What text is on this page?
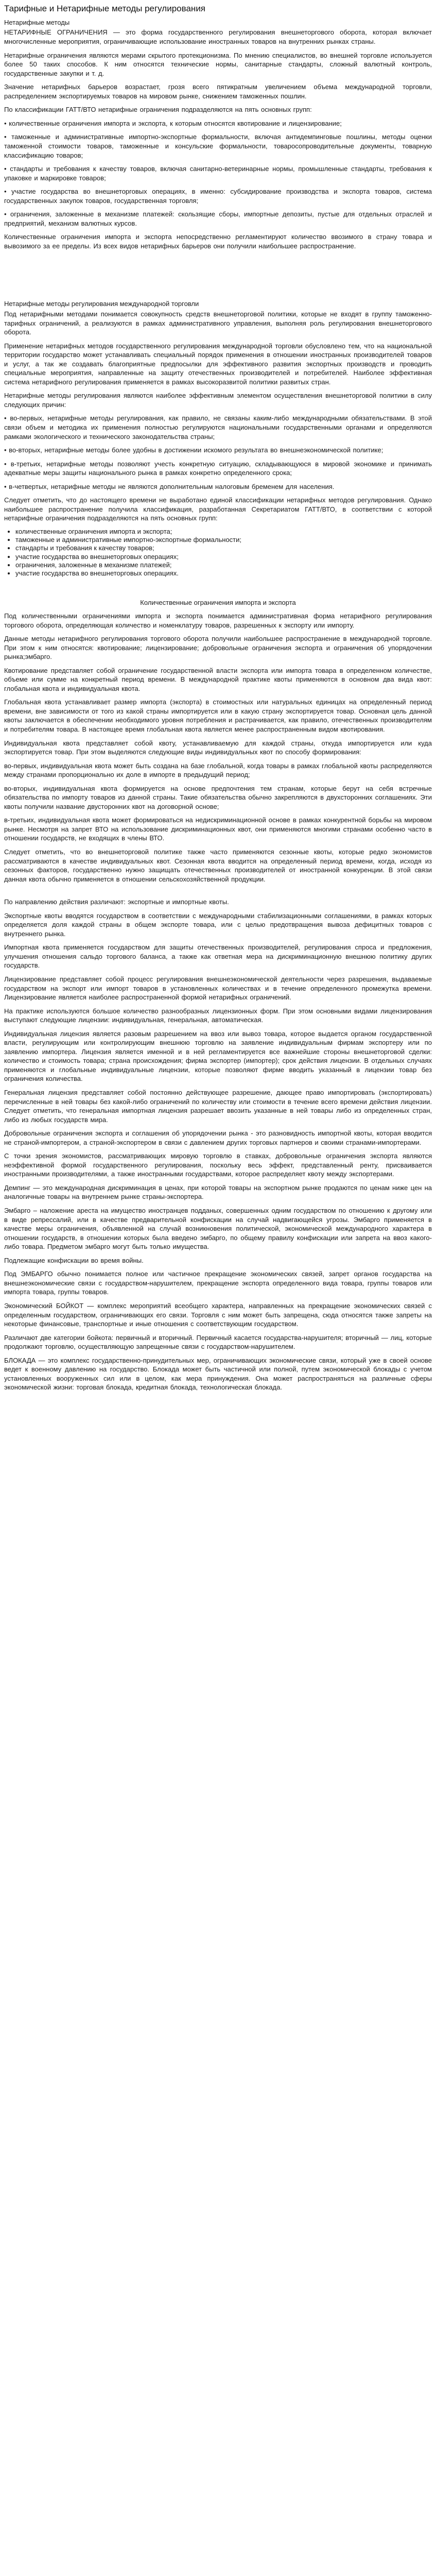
Тарифные и Нетарифные методы регулирования
Нетарифные методы

НЕТАРИФНЫЕ ОГРАНИЧЕНИЯ — это форма государственного регулирования внешнеторгового оборота, которая включает многочисленные мероприятия, ограничивающие использование иностранных товаров на внутренних рынках страны.

Нетарифные ограничения являются мерами скрытого протекционизма. По мнению специалистов, во внешней торговле используется более 50 таких способов. К ним относятся технические нормы, санитарные стандарты, сложный валютный контроль, государственные закупки и т. д.

Значение нетарифных барьеров возрастает, грозя всего пятикратным увеличением объема международной торговли, распределением экспортируемых товаров на мировом рынке, снижением таможенных пошлин.

По классификации ГАТТ/ВТО нетарифные ограничения подразделяются на пять основных групп:

• количественные ограничения импорта и экспорта, к которым относятся квотирование и лицензирование;

• таможенные и административные импортно-экспортные формальности, включая антидемпинговые пошлины, методы оценки таможенной стоимости товаров, таможенные и консульские формальности, товаросопроводительные документы, товарную классификацию товаров;

• стандарты и требования к качеству товаров, включая санитарно-ветеринарные нормы, промышленные стандарты, требования к упаковке и маркировке товаров;

• участие государства во внешнеторговых операциях, в именно: субсидирование производства и экспорта товаров, система государственных закупок товаров, государственная торговля;

• ограничения, заложенные в механизме платежей: скользящие сборы, импортные депозиты, пустые для отдельных отраслей и предприятий, механизм валютных курсов.

Количественные ограничения импорта и экспорта непосредственно регламентируют количество ввозимого в страну товара и вывозимого за ее пределы. Из всех видов нетарифных барьеров они получили наибольшее распространение.

Нетарифные методы регулирования международной торговли

Под нетарифными методами понимается совокупность средств внешнеторговой политики, которые не входят в группу таможенно-тарифных ограничений, а реализуются в рамках административного управления, выполняя роль регулирования внешнеторгового оборота.

Применение нетарифных методов государственного регулирования международной торговли обусловлено тем, что на национальной территории государство может устанавливать специальный порядок применения в отношении иностранных производителей товаров и услуг, а так же создавать благоприятные предпосылки для эффективного развития экспортных производств и проводить специальные мероприятия, направленные на защиту отечественных производителей и потребителей. Наиболее эффективная система нетарифного регулирования применяется в рамках высокоразвитой политики развитых стран.

Нетарифные методы регулирования являются наиболее эффективным элементом осуществления внешнеторговой политики в силу следующих причин:

• во-первых, нетарифные методы регулирования, как правило, не связаны каким-либо международными обязательствами. В этой связи объем и методика их применения полностью регулируются национальными государственными органами и определяются рамками экологического и технического законодательства страны;

• во-вторых, нетарифные методы более удобны в достижении искомого результата во внешнеэкономической политике;

• в-третьих, нетарифные методы позволяют учесть конкретную ситуацию, складывающуюся в мировой экономике и принимать адекватные меры защиты национального рынка в рамках конкретно определенного срока;

• в-четвертых, нетарифные методы не являются дополнительным налоговым бременем для населения.

Следует отметить, что до настоящего времени не выработано единой классификации нетарифных методов регулирования. Однако наибольшее распространение получила классификация, разработанная Секретариатом ГАТТ/ВТО, в соответствии с которой нетарифные ограничения подразделяются на пять основных групп:

• количественные ограничения импорта и экспорта;
• таможенные и административные импортно-экспортные формальности;
• стандарты и требования к качеству товаров;
• участие государства во внешнеторговых операциях;
• ограничения, заложенные в механизме платежей;
• участие государства во внешнеторговых операциях.
Количественные ограничения импорта и экспорта

Под количественными ограничениями импорта и экспорта понимается административная форма нетарифного регулирования торгового оборота, определяющая количество и номенклатуру товаров, разрешенных к экспорту или импорту.

Данные методы нетарифного регулирования торгового оборота получили наибольшее распространение в международной торговле. При этом к ним относятся: квотирование; лицензирование; добровольные ограничения экспорта и ограничения об упорядочении рынка;эмбарго.

Квотирование представляет собой ограничение государственной власти экспорта или импорта товара в определенном количестве, объеме или сумме на конкретный период времени. В международной практике квоты применяются в основном два вида квот: глобальная квота и индивидуальная квота.

Глобальная квота устанавливает размер импорта (экспорта) в стоимостных или натуральных единицах на определенный период времени, вне зависимости от того из какой страны импортируется или в какую страну экспортируется товар. Основная цель данной квоты заключается в обеспечении необходимого уровня потребления и растрачивается, как правило, отечественных производителям и потребителям товара. В настоящее время глобальная квота является менее распространенным видом квотирования.

Индивидуальная квота представляет собой квоту, устанавливаемую для каждой страны, откуда импортируется или куда экспортируется товар. При этом выделяются следующие виды индивидуальных квот по способу формирования:

во-первых, индивидуальная квота может быть создана на базе глобальной, когда товары в рамках глобальной квоты распределяются между странами пропорционально их доле в импорте в предыдущий период;

во-вторых, индивидуальная квота формируется на основе предпочтения тем странам, которые берут на себя встречные обязательства по импорту товаров из данной страны. Такие обязательства обычно закрепляются в двухсторонних соглашениях. Эти квоты получили название двусторонних квот на договорной основе;

в-третьих, индивидуальная квота может формироваться на недискриминационной основе в рамках конкурентной борьбы на мировом рынке. Несмотря на запрет ВТО на использование дискриминационных квот, они применяются многими странами особенно часто в отношении государств, не входящих в члены ВТО.

Следует отметить, что во внешнеторговой политике также часто применяются сезонные квоты, которые редко экономистов рассматриваются в качестве индивидуальных квот. Сезонная квота вводится на определенный период времени, когда, исходя из сезонных факторов, государственно нужно защищать отечественных производителей от иностранной конкуренции. В этой связи данная квота обычно применяется в отношении сельскохозяйственной продукции.

По направлению действия различают: экспортные и импортные квоты.

Экспортные квоты вводятся государством в соответствии с международными стабилизационными соглашениями, в рамках которых определяется доля каждой страны в общем экспорте товара, или с целью предотвращения вывоза дефицитных товаров с внутреннего рынка.

Импортная квота применяется государством для защиты отечественных производителей, регулирования спроса и предложения, улучшения отношения сальдо торгового баланса, а также как ответная мера на дискриминационную внешнюю политику других государств.

Лицензирование представляет собой процесс регулирования внешнеэкономической деятельности через разрешения, выдаваемые государством на экспорт или импорт товаров в установленных количествах и в течение определенного промежутка времени. Лицензирование является наиболее распространенной формой нетарифных ограничений.

На практике используются большое количество разнообразных лицензионных форм. При этом основными видами лицензирования выступают следующие лицензии: индивидуальная, генеральная, автоматическая.

Индивидуальная лицензия является разовым разрешением на ввоз или вывоз товара, которое выдается органом государственной власти, регулирующим или контролирующим внешнюю торговлю на заявление индивидуальным фирмам экспортеру или по заявлению импортера. Лицензия является именной и в ней регламентируется все важнейшие стороны внешнеторговой сделки: количество и стоимость товара; страна происхождения; фирма экспортер (импортер); срок действия лицензии. В отдельных случаях применяются и глобальные индивидуальные лицензии, которые позволяют фирме вводить указанный в лицензии товар без ограничения количества.

Генеральная лицензия представляет собой постоянно действующее разрешение, дающее право импортировать (экспортировать) перечисленные в ней товары без какой-либо ограничений по количеству или стоимости в течение всего времени действия лицензии. Следует отметить, что генеральная импортная лицензия разрешает ввозить указанные в ней товары либо из определенных стран, либо из любых государств мира.

Добровольные ограничения экспорта и соглашения об упорядочении рынка - это разновидность импортной квоты, которая вводится не страной-импортером, а страной-экспортером в связи с давлением других торговых партнеров и своими странами-импортерами.

С точки зрения экономистов, рассматривающих мировую торговлю в ставках, добровольные ограничения экспорта являются неэффективной формой государственного регулирования, поскольку весь эффект, представленный ренту, присваивается иностранными производителями, а также иностранными государствами, которое распределяет квоту между экспортерами.

Демпинг — это международная дискриминация в ценах, при которой товары на экспортном рынке продаются по ценам ниже цен на аналогичные товары на внутреннем рынке страны-экспортера.

Эмбарго – наложение ареста на имущество иностранцев подданых, совершенных одним государством по отношению к другому или в виде репрессалий, или в качестве предварительной конфискации на случай надвигающейся угрозы. Эмбарго применяется в качестве меры ограничения, объявленной на случай возникновения политической, экономической международного характера в отношении государств, в отношении которых была введено эмбарго, по общему правилу конфискации или запрета на ввоз какого-либо товара. Предметом эмбарго могут быть только имущества.

Подлежащие конфискации во время войны.

Под ЭМБАРГО обычно понимается полное или частичное прекращение экономических связей, запрет органов государства на внешнеэкономические связи с государством-нарушителем, прекращение экспорта определенного вида товара, группы товаров или импорта товара, группы товаров.

Экономический БОЙКОТ — комплекс мероприятий всеобщего характера, направленных на прекращение экономических связей с определенным государством, ограничивающих его связи. Торговля с ним может быть запрещена, сюда относятся также запреты на некоторые финансовые, транспортные и иные отношения с соответствующим государством.

Различают две категории бойкота: первичный и вторичный. Первичный касается государства-нарушителя; вторичный — лиц, которые продолжают торговлю, осуществляющую запрещенные связи с государством-нарушителем.

БЛОКАДА — это комплекс государственно-принудительных мер, ограничивающих экономические связи, который уже в своей основе ведет к военному давлению на государство. Блокада может быть частичной или полной, путем экономической блокады с учетом установленных вооруженных сил или в целом, как мера принуждения. Она может распространяться на различные сферы экономической жизни: торговая блокада, кредитная блокада, технологическая блокада.
